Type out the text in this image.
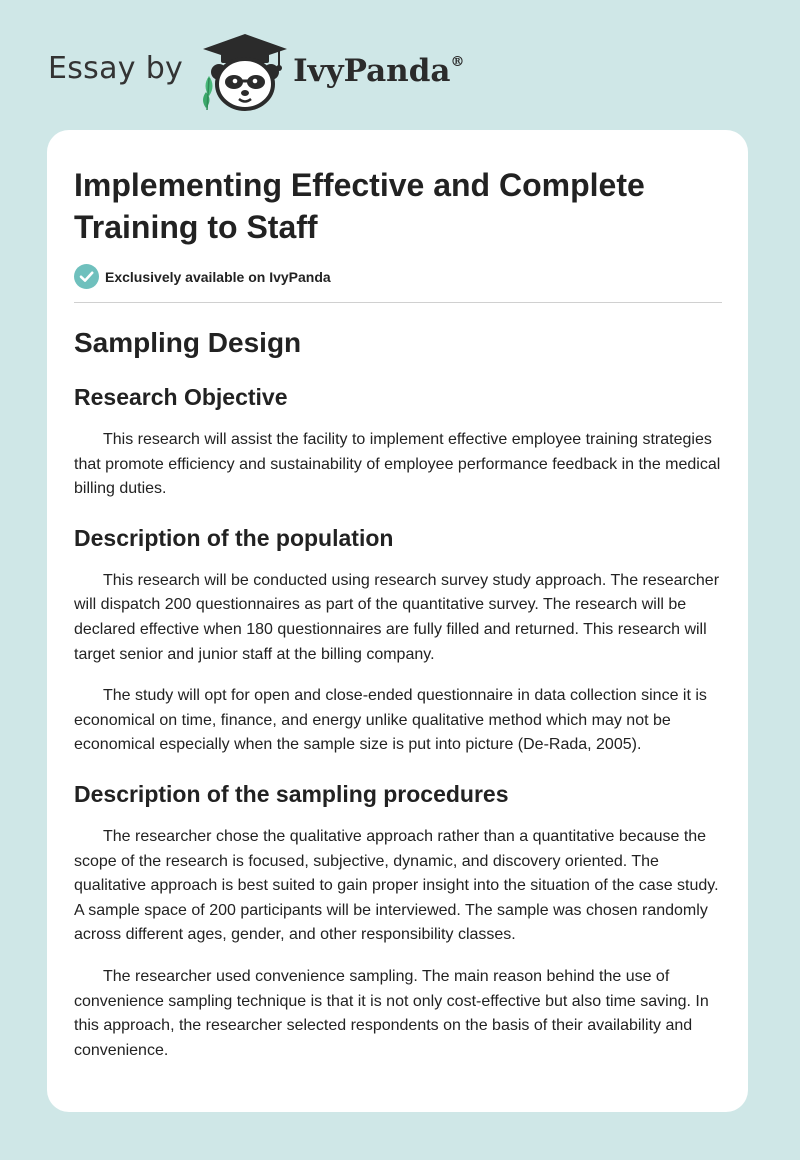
Essay by	IvyPanda®
Implementing Effective and Complete Training to Staff
Exclusively available on IvyPanda
Sampling Design
Research Objective

This research will assist the facility to implement effective employee training strategies that promote efficiency and sustainability of employee performance feedback in the medical billing duties.

Description of the population

This research will be conducted using research survey study approach. The researcher will dispatch 200 questionnaires as part of the quantitative survey. The research will be declared effective when 180 questionnaires are fully filled and returned. This research will target senior and junior staff at the billing company.

The study will opt for open and close-ended questionnaire in data collection since it is economical on time, finance, and energy unlike qualitative method which may not be economical especially when the sample size is put into picture (De-Rada, 2005).

Description of the sampling procedures

The researcher chose the qualitative approach rather than a quantitative because the scope of the research is focused, subjective, dynamic, and discovery oriented. The qualitative approach is best suited to gain proper insight into the situation of the case study. A sample space of 200 participants will be interviewed. The sample was chosen randomly across different ages, gender, and other responsibility classes.

The researcher used convenience sampling. The main reason behind the use of convenience sampling technique is that it is not only cost-effective but also time saving. In this approach, the researcher selected respondents on the basis of their availability and convenience.
